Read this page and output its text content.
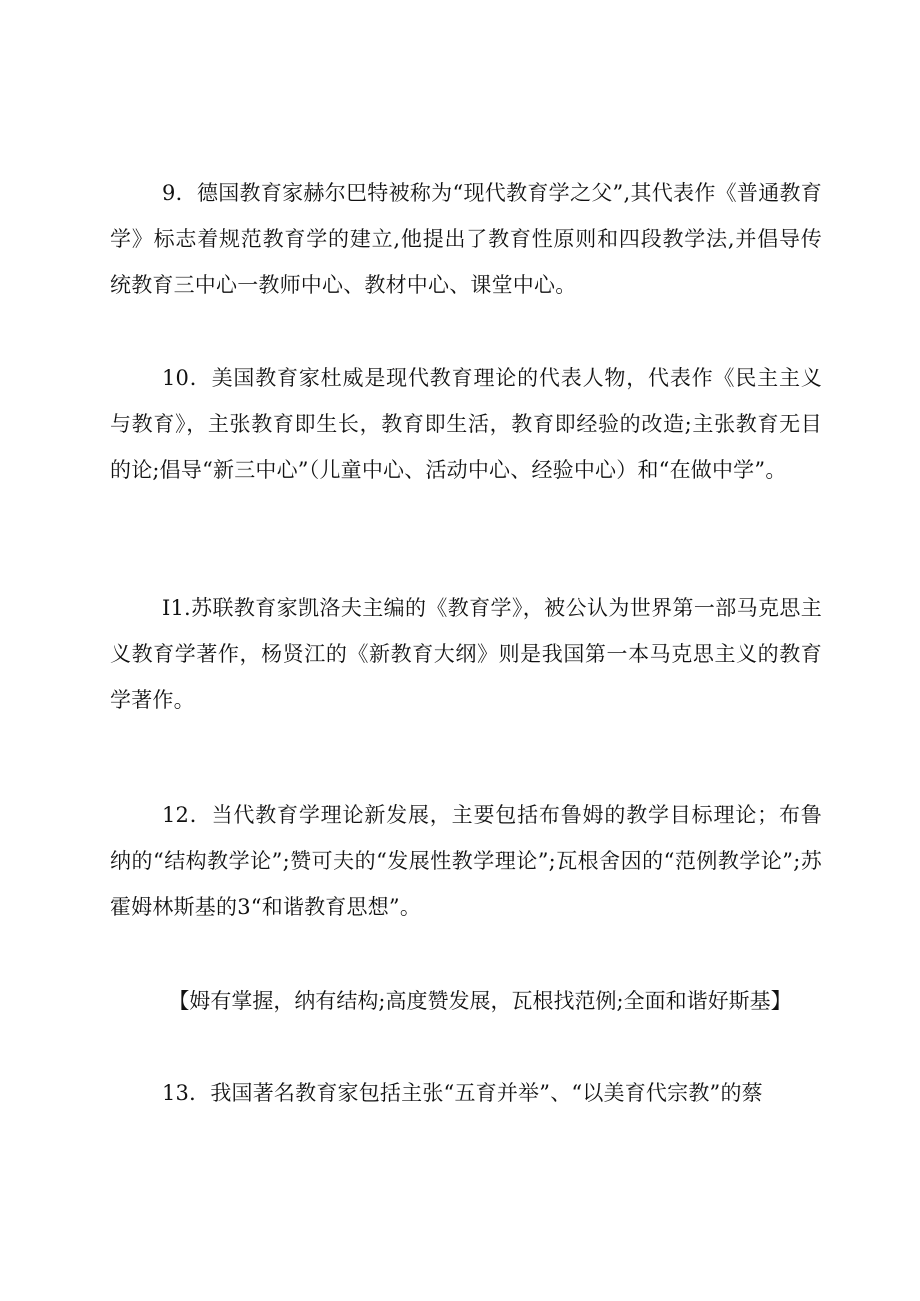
9．德国教育家赫尔巴特被称为“现代教育学之父”,其代表作《普通教育学》标志着规范教育学的建立,他提出了教育性原则和四段教学法,并倡导传统教育三中心一教师中心、教材中心、课堂中心。

10．美国教育家杜威是现代教育理论的代表人物，代表作《民主主义与教育》，主张教育即生长，教育即生活，教育即经验的改造;主张教育无目的论;倡导“新三中心”（儿童中心、活动中心、经验中心）和“在做中学”。

I1.苏联教育家凯洛夫主编的《教育学》，被公认为世界第一部马克思主义教育学著作，杨贤江的《新教育大纲》则是我国第一本马克思主义的教育学著作。

12．当代教育学理论新发展，主要包括布鲁姆的教学目标理论；布鲁纳的“结构教学论”;赞可夫的“发展性教学理论”;瓦根舍因的“范例教学论”;苏霍姆林斯基的3“和谐教育思想”。

【姆有掌握，纳有结构;高度赞发展，瓦根找范例;全面和谐好斯基】

13．我国著名教育家包括主张“五育并举”、“以美育代宗教”的蔡
